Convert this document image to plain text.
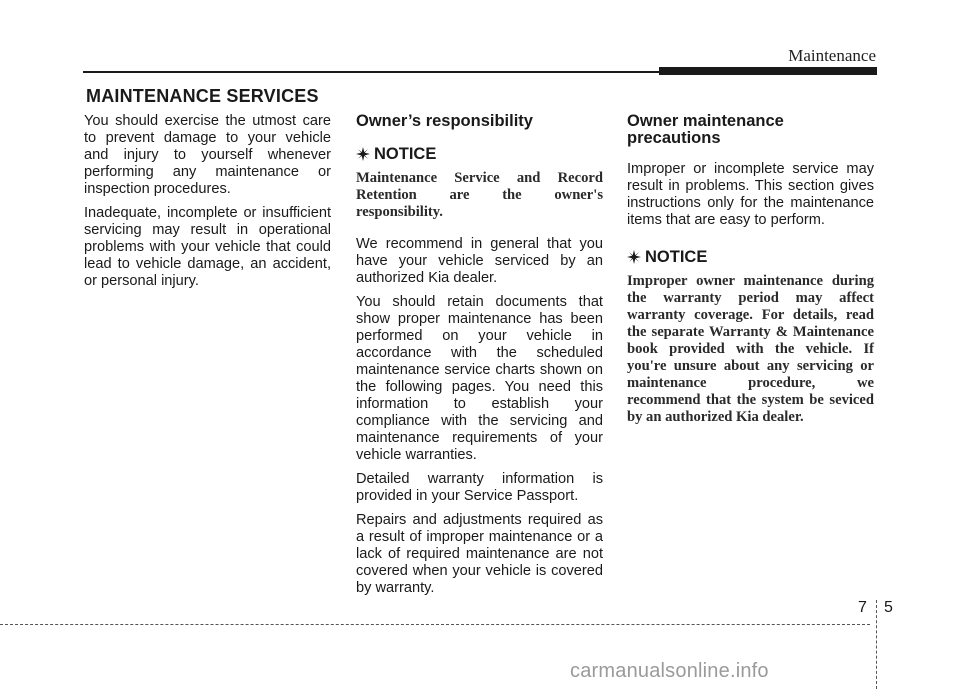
Maintenance
MAINTENANCE SERVICES

You should exercise the utmost care to prevent damage to your vehicle and injury to yourself whenever performing any maintenance or inspection procedures.

Inadequate, incomplete or insufficient servicing may result in operational problems with your vehicle that could lead to vehicle damage, an accident, or personal injury.

Owner’s responsibility
NOTICE

Maintenance Service and Record Retention are the owner's responsibility.

We recommend in general that you have your vehicle serviced by an authorized Kia dealer.

You should retain documents that show proper maintenance has been performed on your vehicle in accordance with the scheduled maintenance service charts shown on the following pages. You need this information to establish your compliance with the servicing and maintenance requirements of your vehicle warranties.

Detailed warranty information is provided in your Service Passport.

Repairs and adjustments required as a result of improper maintenance or a lack of required maintenance are not covered when your vehicle is covered by warranty.

Owner maintenance precautions

Improper or incomplete service may result in problems. This section gives instructions only for the maintenance items that are easy to perform.

NOTICE

Improper owner maintenance during the warranty period may affect warranty coverage. For details, read the separate Warranty & Maintenance book provided with the vehicle. If you're unsure about any servicing or maintenance procedure, we recommend that the system be seviced by an authorized Kia dealer.

7 5
carmanualsonline.info
